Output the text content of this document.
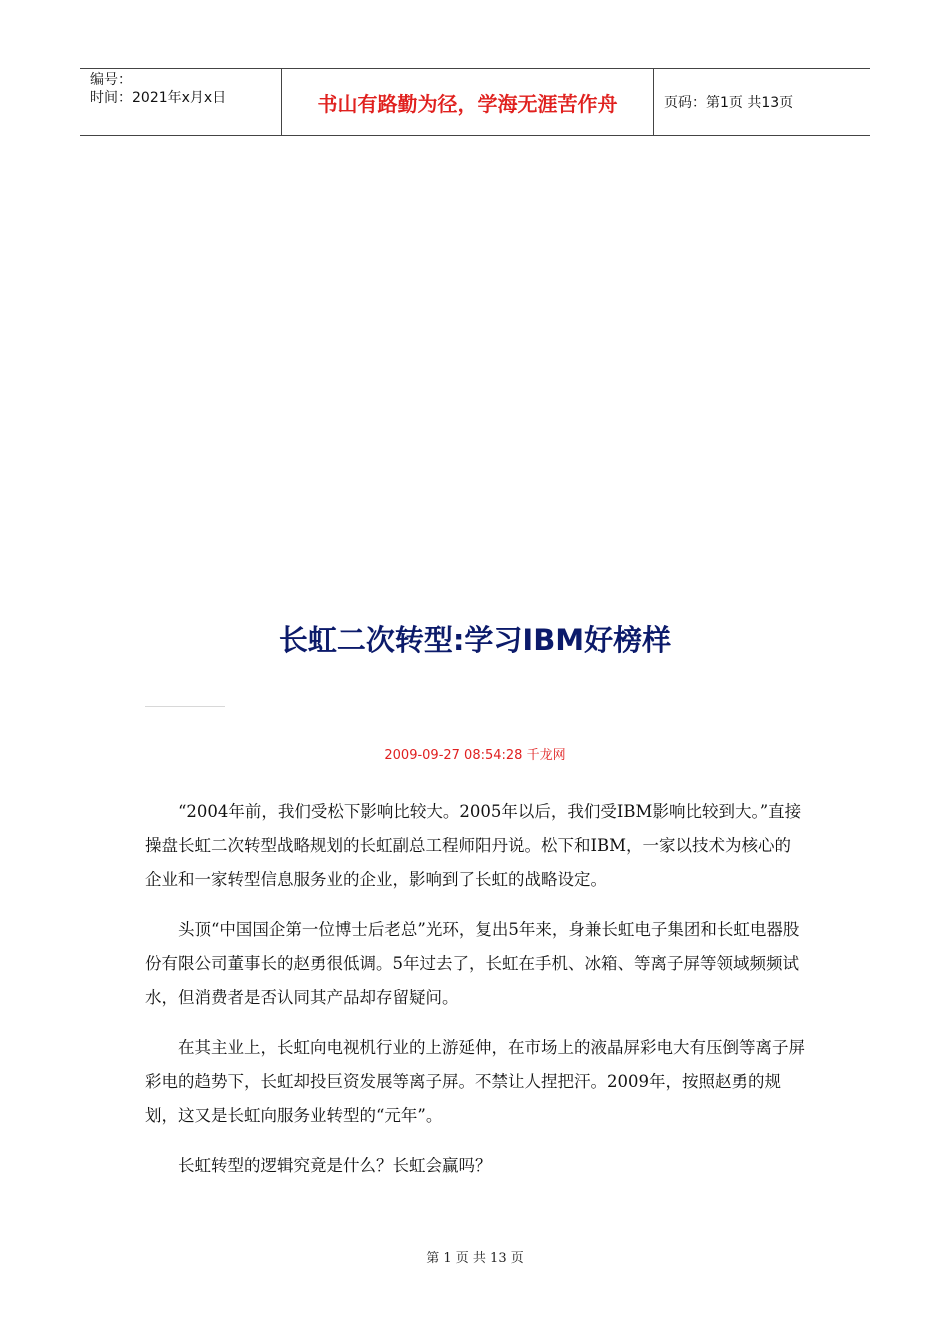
编号：
时间：2021年x月x日	书山有路勤为径，学海无涯苦作舟	页码：第1页 共13页
长虹二次转型:学习IBM好榜样
2009-09-27 08:54:28 千龙网

“2004年前，我们受松下影响比较大。2005年以后，我们受IBM影响比较到大。”直接操盘长虹二次转型战略规划的长虹副总工程师阳丹说。松下和IBM，一家以技术为核心的企业和一家转型信息服务业的企业，影响到了长虹的战略设定。

头顶“中国国企第一位博士后老总”光环，复出5年来，身兼长虹电子集团和长虹电器股份有限公司董事长的赵勇很低调。5年过去了，长虹在手机、冰箱、等离子屏等领域频频试水，但消费者是否认同其产品却存留疑问。

在其主业上，长虹向电视机行业的上游延伸，在市场上的液晶屏彩电大有压倒等离子屏彩电的趋势下，长虹却投巨资发展等离子屏。不禁让人捏把汗。2009年，按照赵勇的规划，这又是长虹向服务业转型的“元年”。

长虹转型的逻辑究竟是什么？长虹会赢吗？

第 1 页 共 13 页
